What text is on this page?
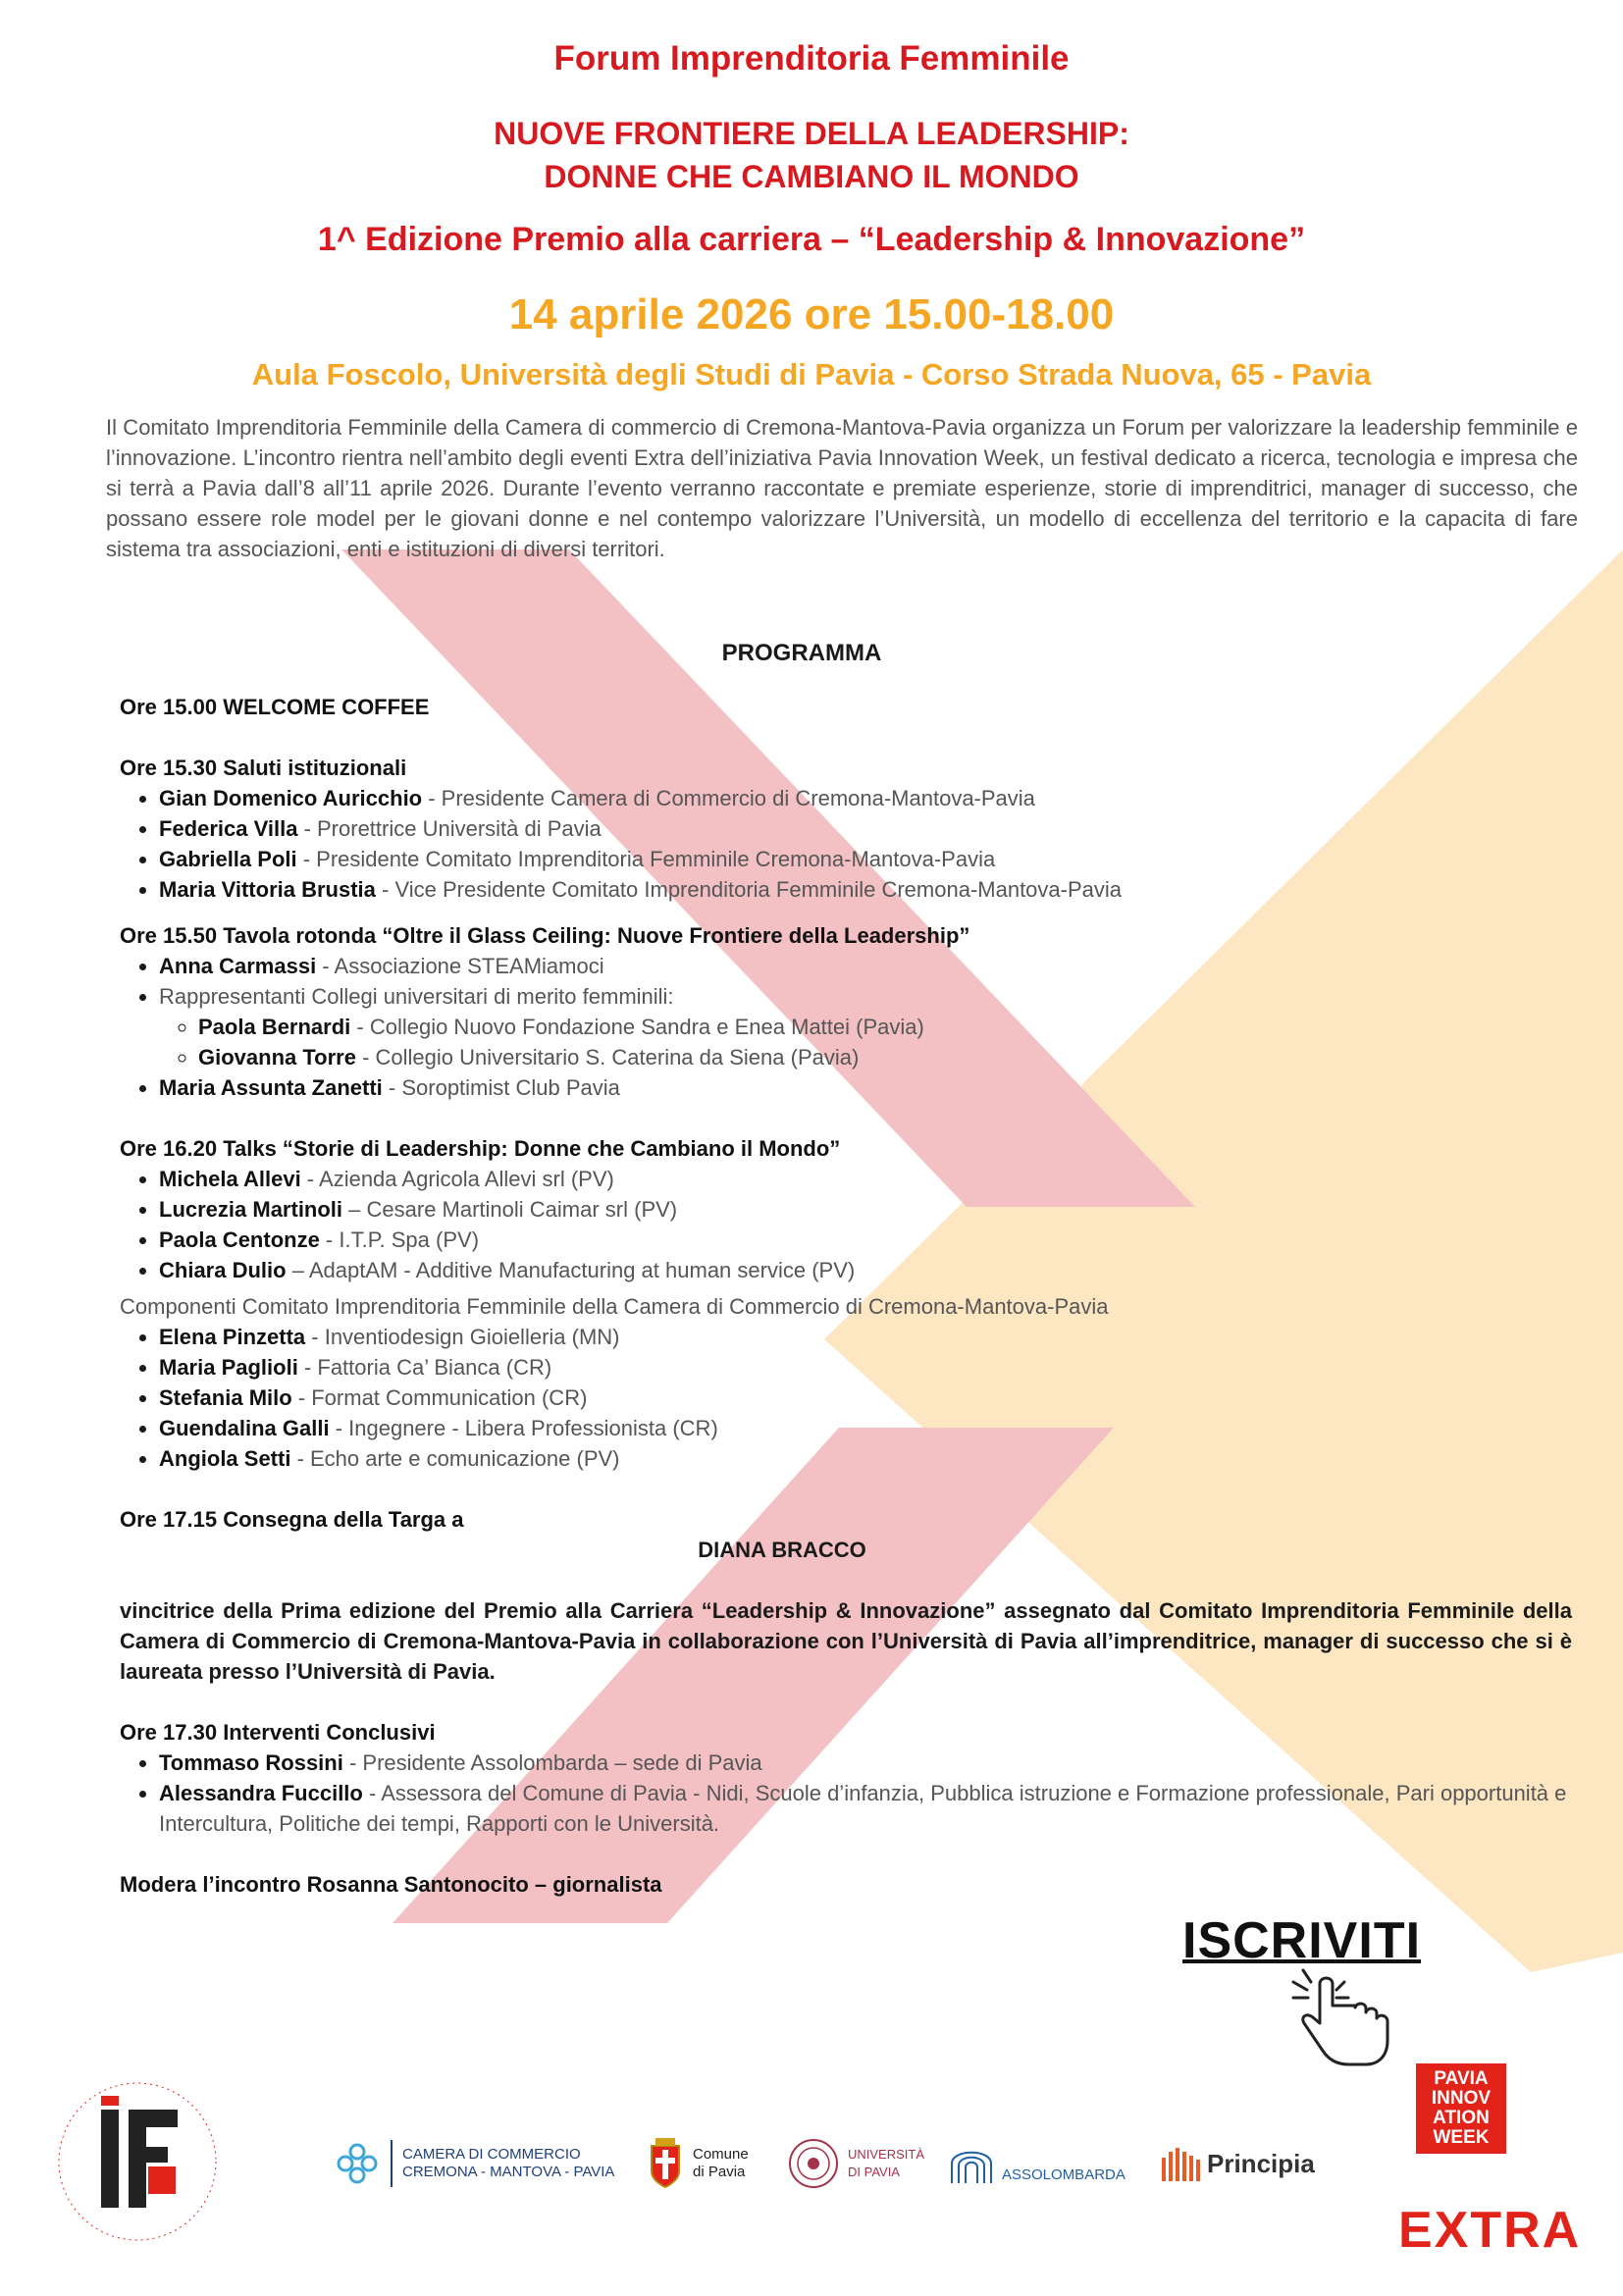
Forum Imprenditoria Femminile
NUOVE FRONTIERE DELLA LEADERSHIP:
DONNE CHE CAMBIANO IL MONDO
1^ Edizione Premio alla carriera – “Leadership & Innovazione”
14 aprile 2026 ore 15.00-18.00
Aula Foscolo, Università degli Studi di Pavia - Corso Strada Nuova, 65 - Pavia
Il Comitato Imprenditoria Femminile della Camera di commercio di Cremona-Mantova-Pavia organizza un Forum per valorizzare la leadership femminile e l’innovazione. L’incontro rientra nell’ambito degli eventi Extra dell’iniziativa Pavia Innovation Week, un festival dedicato a ricerca, tecnologia e impresa che si terrà a Pavia dall’8 all’11 aprile 2026. Durante l’evento verranno raccontate e premiate esperienze, storie di imprenditrici, manager di successo, che possano essere role model per le giovani donne e nel contempo valorizzare l’Università, un modello di eccellenza del territorio e la capacita di fare sistema tra associazioni, enti e istituzioni di diversi territori.
PROGRAMMA

Ore 15.00 WELCOME COFFEE

Ore 15.30 Saluti istituzionali

• Gian Domenico Auricchio - Presidente Camera di Commercio di Cremona-Mantova-Pavia
• Federica Villa - Prorettrice Università di Pavia
• Gabriella Poli - Presidente Comitato Imprenditoria Femminile Cremona-Mantova-Pavia
• Maria Vittoria Brustia - Vice Presidente Comitato Imprenditoria Femminile Cremona-Mantova-Pavia

Ore 15.50 Tavola rotonda “Oltre il Glass Ceiling: Nuove Frontiere della Leadership”

• Anna Carmassi - Associazione STEAMiamoci
• Rappresentanti Collegi universitari di merito femminili:
◦ Paola Bernardi - Collegio Nuovo Fondazione Sandra e Enea Mattei (Pavia)
◦ Giovanna Torre - Collegio Universitario S. Caterina da Siena (Pavia)
• Maria Assunta Zanetti - Soroptimist Club Pavia

Ore 16.20 Talks “Storie di Leadership: Donne che Cambiano il Mondo”

• Michela Allevi - Azienda Agricola Allevi srl (PV)
• Lucrezia Martinoli – Cesare Martinoli Caimar srl (PV)
• Paola Centonze - I.T.P. Spa (PV)
• Chiara Dulio – AdaptAM - Additive Manufacturing at human service (PV)

Componenti Comitato Imprenditoria Femminile della Camera di Commercio di Cremona-Mantova-Pavia

• Elena Pinzetta - Inventiodesign Gioielleria (MN)
• Maria Paglioli - Fattoria Ca’ Bianca (CR)
• Stefania Milo - Format Communication (CR)
• Guendalina Galli - Ingegnere - Libera Professionista (CR)
• Angiola Setti - Echo arte e comunicazione (PV)

Ore 17.15 Consegna della Targa a

DIANA BRACCO

vincitrice della Prima edizione del Premio alla Carriera “Leadership & Innovazione” assegnato dal Comitato Imprenditoria Femminile della Camera di Commercio di Cremona-Mantova-Pavia in collaborazione con l’Università di Pavia all’imprenditrice, manager di successo che si è laureata presso l’Università di Pavia.

Ore 17.30 Interventi Conclusivi

• Tommaso Rossini - Presidente Assolombarda – sede di Pavia
• Alessandra Fuccillo - Assessora del Comune di Pavia - Nidi, Scuole d’infanzia, Pubblica istruzione e Formazione professionale, Pari opportunità e Intercultura, Politiche dei tempi, Rapporti con le Università.

Modera l’incontro Rosanna Santonocito – giornalista

ISCRIVITI
CAMERA DI COMMERCIO
CREMONA - MANTOVA - PAVIA
Comune
di Pavia
UNIVERSITÀ
DI PAVIA	ASSOLOMBARDA	Principia
PAVIA
INNOV
ATION
WEEK
EXTRA
